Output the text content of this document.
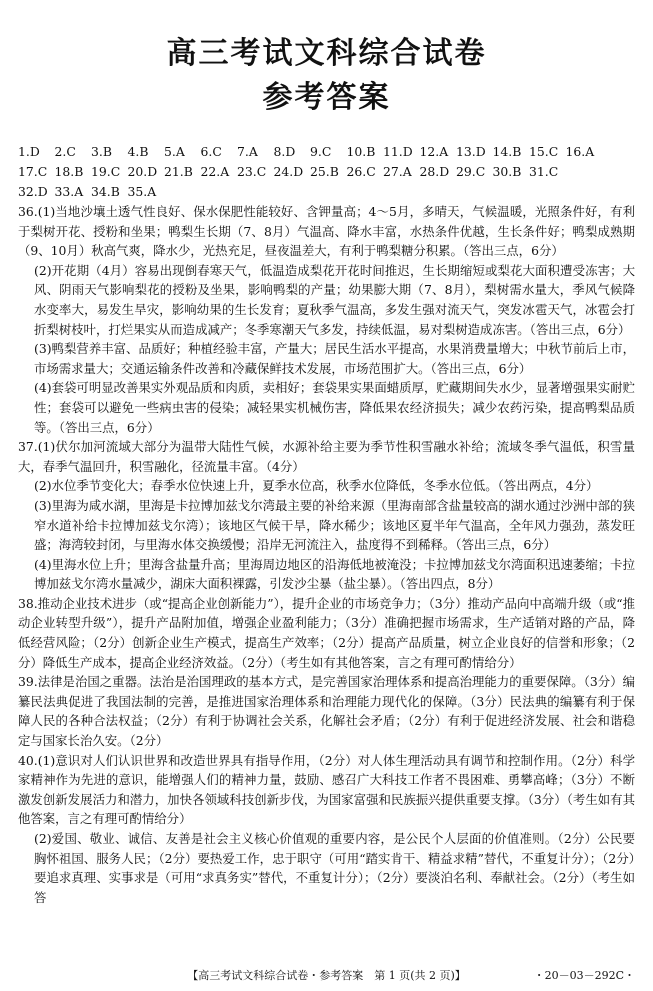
高三考试文科综合试卷
参考答案
1.D 2.C 3.B 4.B 5.A 6.C 7.A 8.D 9.C 10.B 11.D 12.A 13.D 14.B 15.C 16.A
17.C 18.B 19.C 20.D 21.B 22.A 23.C 24.D 25.B 26.C 27.A 28.D 29.C 30.B 31.C
32.D 33.A 34.B 35.A

36.(1)当地沙壤土透气性良好、保水保肥性能较好、含钾量高；4～5月，多晴天，气候温暖，光照条件好，有利于梨树开花、授粉和坐果；鸭梨生长期（7、8月）气温高、降水丰富，水热条件优越，生长条件好；鸭梨成熟期（9、10月）秋高气爽，降水少，光热充足，昼夜温差大，有利于鸭梨糖分积累。（答出三点，6分）

(2)开花期（4月）容易出现倒春寒天气，低温造成梨花开花时间推迟，生长期缩短或梨花大面积遭受冻害；大风、阴雨天气影响梨花的授粉及坐果，影响鸭梨的产量；幼果膨大期（7、8月），梨树需水量大，季风气候降水变率大，易发生旱灾，影响幼果的生长发育；夏秋季气温高，多发生强对流天气，突发冰雹天气，冰雹会打折梨树枝叶，打烂果实从而造成减产；冬季寒潮天气多发，持续低温，易对梨树造成冻害。（答出三点，6分）

(3)鸭梨营养丰富、品质好；种植经验丰富，产量大；居民生活水平提高，水果消费量增大；中秋节前后上市，市场需求量大；交通运输条件改善和冷藏保鲜技术发展，市场范围扩大。（答出三点，6分）

(4)套袋可明显改善果实外观品质和肉质，卖相好；套袋果实果面蜡质厚，贮藏期间失水少，显著增强果实耐贮性；套袋可以避免一些病虫害的侵染；减轻果实机械伤害，降低果农经济损失；减少农药污染，提高鸭梨品质等。（答出三点，6分）

37.(1)伏尔加河流域大部分为温带大陆性气候，水源补给主要为季节性积雪融水补给；流域冬季气温低，积雪量大，春季气温回升，积雪融化，径流量丰富。（4分）

(2)水位季节变化大；春季水位快速上升，夏季水位高，秋季水位降低，冬季水位低。（答出两点，4分）

(3)里海为咸水湖，里海是卡拉博加兹戈尔湾最主要的补给来源（里海南部含盐量较高的湖水通过沙洲中部的狭窄水道补给卡拉博加兹戈尔湾）；该地区气候干旱，降水稀少；该地区夏半年气温高，全年风力强劲，蒸发旺盛；海湾较封闭，与里海水体交换缓慢；沿岸无河流注入，盐度得不到稀释。（答出三点，6分）

(4)里海水位上升；里海含盐量升高；里海周边地区的沿海低地被淹没；卡拉博加兹戈尔湾面积迅速萎缩；卡拉博加兹戈尔湾水量减少，湖床大面积裸露，引发沙尘暴（盐尘暴）。（答出四点，8分）

38.推动企业技术进步（或“提高企业创新能力”），提升企业的市场竞争力；（3分）推动产品向中高端升级（或“推动企业转型升级”），提升产品附加值，增强企业盈利能力；（3分）准确把握市场需求，生产适销对路的产品，降低经营风险；（2分）创新企业生产模式，提高生产效率；（2分）提高产品质量，树立企业良好的信誉和形象；（2分）降低生产成本，提高企业经济效益。（2分）（考生如有其他答案，言之有理可酌情给分）

39.法律是治国之重器。法治是治国理政的基本方式，是完善国家治理体系和提高治理能力的重要保障。（3分）编纂民法典促进了我国法制的完善，是推进国家治理体系和治理能力现代化的保障。（3分）民法典的编纂有利于保障人民的各种合法权益；（2分）有利于协调社会关系，化解社会矛盾；（2分）有利于促进经济发展、社会和谐稳定与国家长治久安。（2分）

40.(1)意识对人们认识世界和改造世界具有指导作用，（2分）对人体生理活动具有调节和控制作用。（2分）科学家精神作为先进的意识，能增强人们的精神力量，鼓励、感召广大科技工作者不畏困难、勇攀高峰；（3分）不断激发创新发展活力和潜力，加快各领域科技创新步伐，为国家富强和民族振兴提供重要支撑。（3分）（考生如有其他答案，言之有理可酌情给分）

(2)爱国、敬业、诚信、友善是社会主义核心价值观的重要内容，是公民个人层面的价值准则。（2分）公民要胸怀祖国、服务人民；（2分）要热爱工作，忠于职守（可用“踏实肯干、精益求精”替代，不重复计分）；（2分）要追求真理、实事求是（可用“求真务实”替代，不重复计分）；（2分）要淡泊名利、奉献社会。（2分）（考生如答

【高三考试文科综合试卷・参考答案　第 1 页(共 2 页)】	・20－03－292C・
